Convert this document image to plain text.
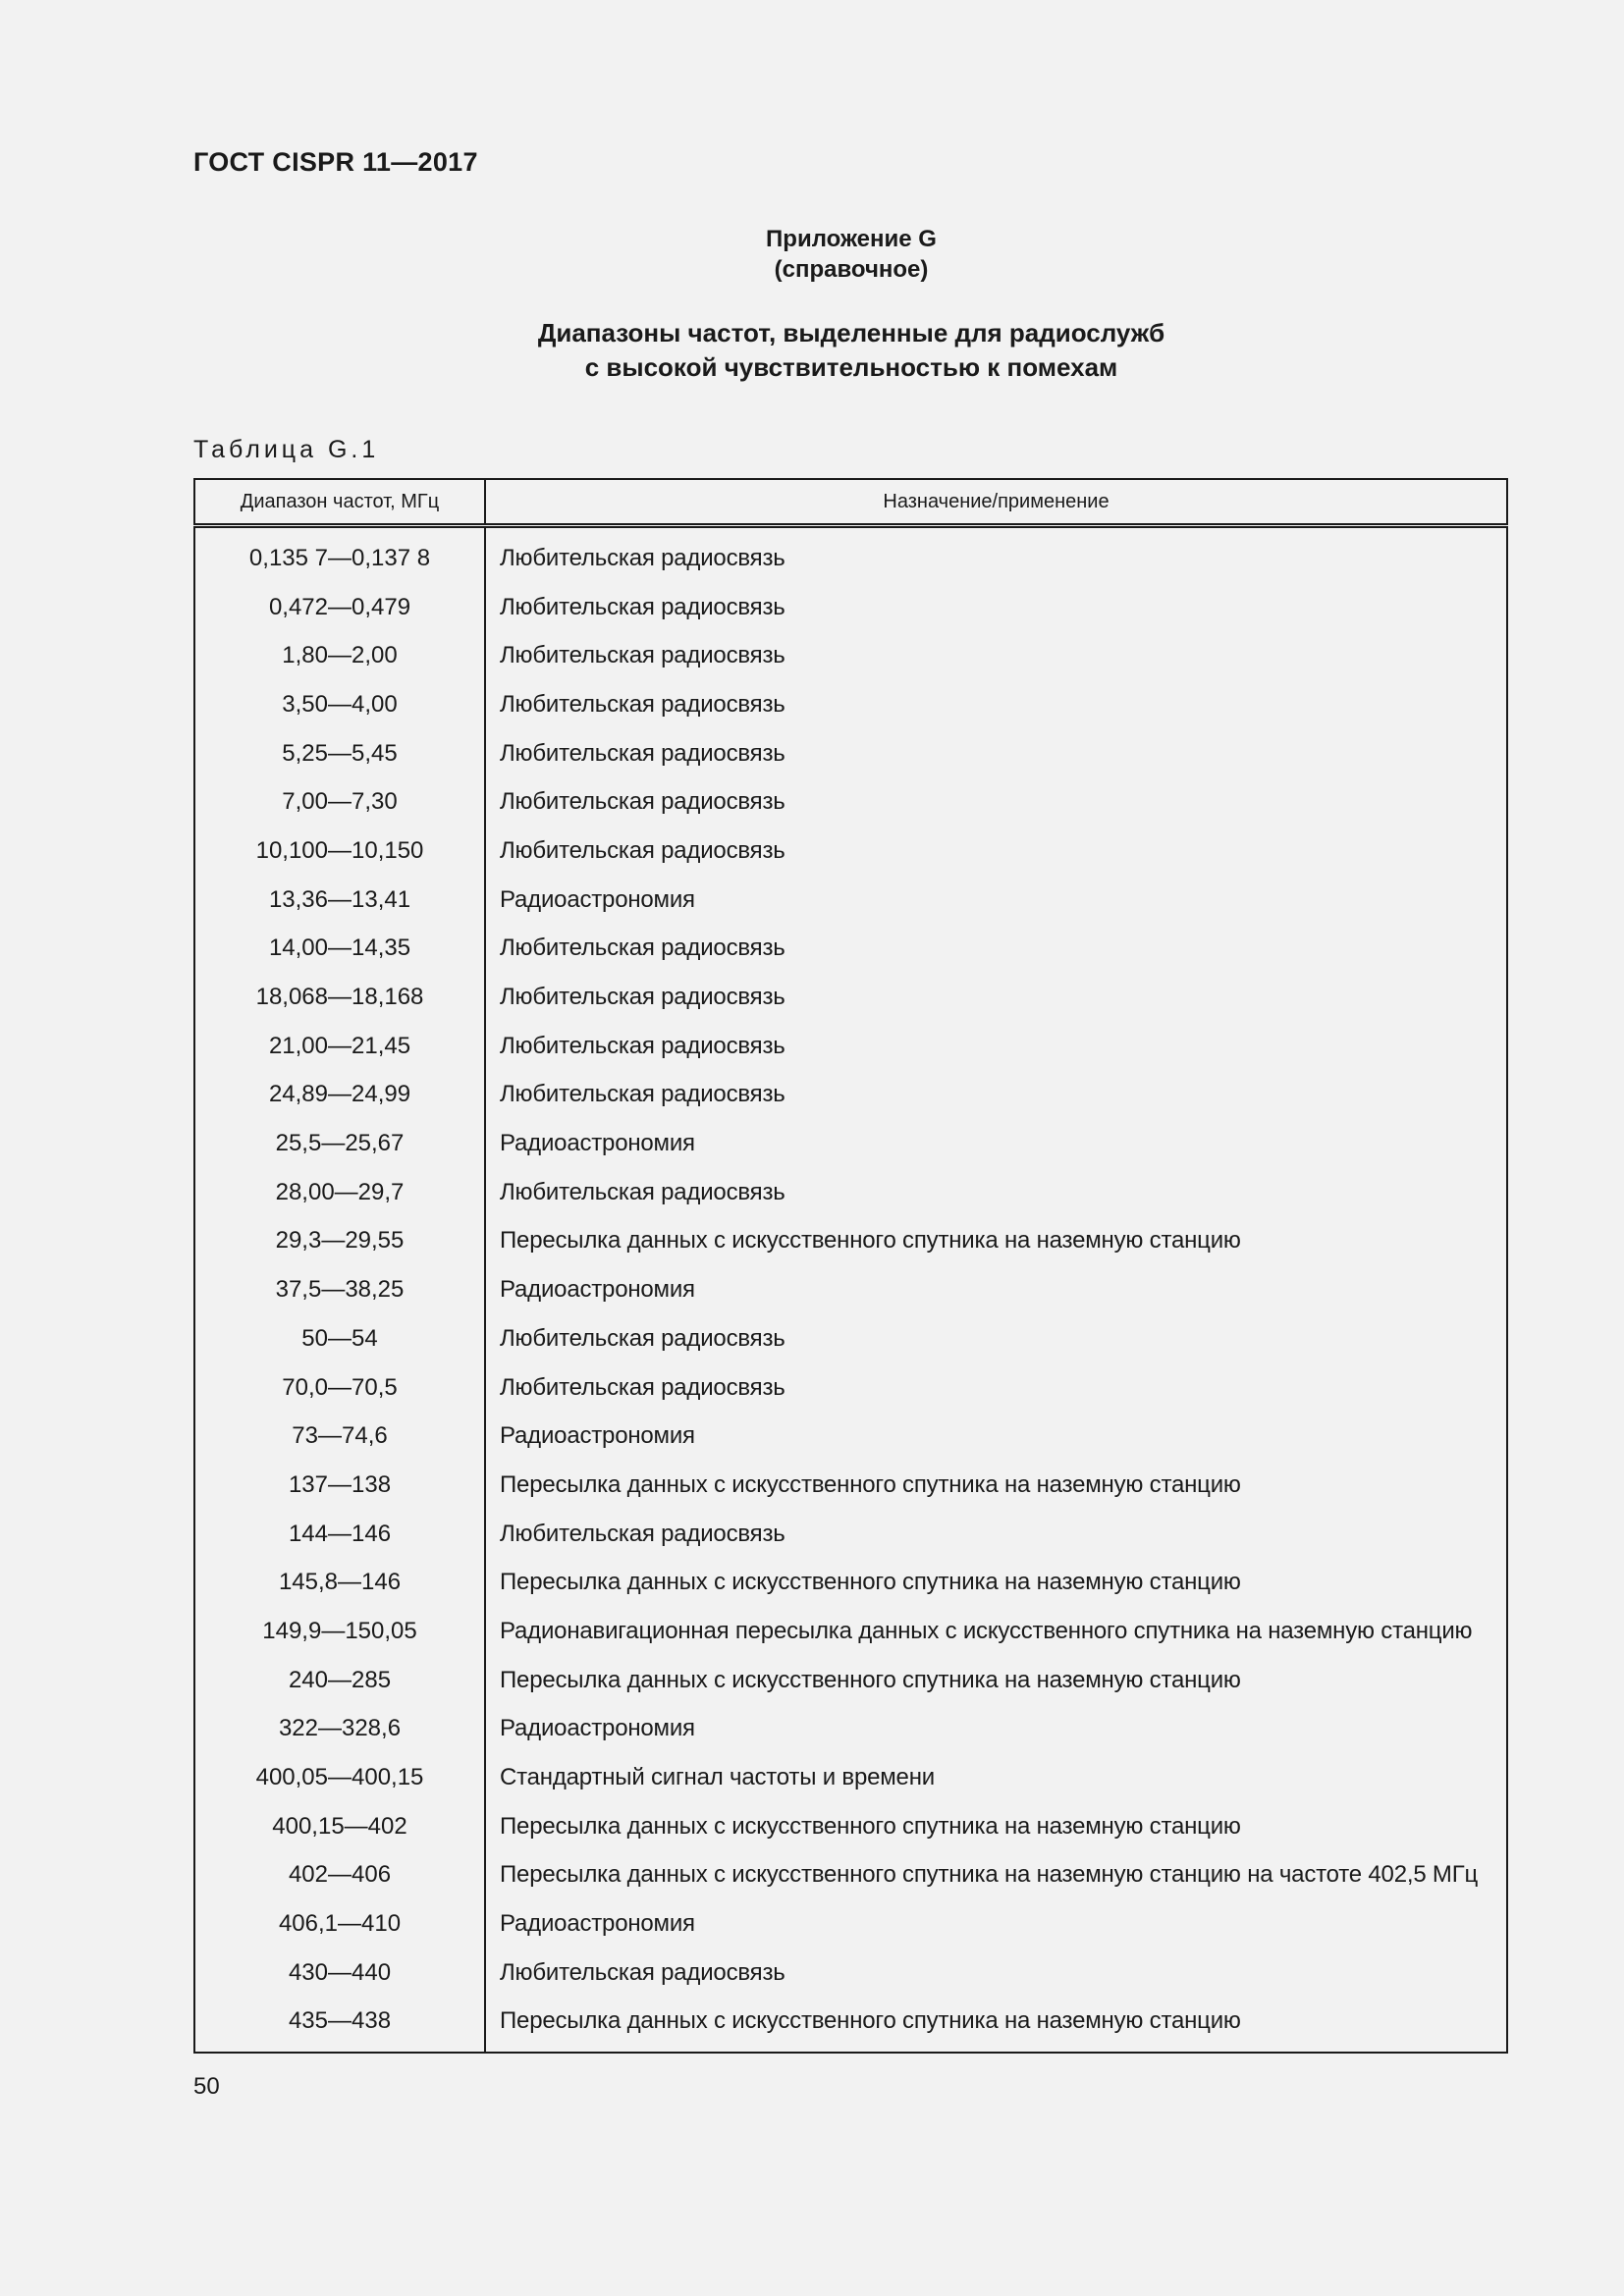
ГОСТ CISPR 11—2017
Приложение G
(справочное)
Диапазоны частот, выделенные для радиослужб
с высокой чувствительностью к помехам
Таблица G.1
Диапазон частот, МГц	Назначение/применение
0,135 7—0,137 8	Любительская радиосвязь
0,472—0,479	Любительская радиосвязь
1,80—2,00	Любительская радиосвязь
3,50—4,00	Любительская радиосвязь
5,25—5,45	Любительская радиосвязь
7,00—7,30	Любительская радиосвязь
10,100—10,150	Любительская радиосвязь
13,36—13,41	Радиоастрономия
14,00—14,35	Любительская радиосвязь
18,068—18,168	Любительская радиосвязь
21,00—21,45	Любительская радиосвязь
24,89—24,99	Любительская радиосвязь
25,5—25,67	Радиоастрономия
28,00—29,7	Любительская радиосвязь
29,3—29,55	Пересылка данных с искусственного спутника на наземную станцию
37,5—38,25	Радиоастрономия
50—54	Любительская радиосвязь
70,0—70,5	Любительская радиосвязь
73—74,6	Радиоастрономия
137—138	Пересылка данных с искусственного спутника на наземную станцию
144—146	Любительская радиосвязь
145,8—146	Пересылка данных с искусственного спутника на наземную станцию
149,9—150,05	Радионавигационная пересылка данных с искусственного спутника на наземную станцию
240—285	Пересылка данных с искусственного спутника на наземную станцию
322—328,6	Радиоастрономия
400,05—400,15	Стандартный сигнал частоты и времени
400,15—402	Пересылка данных с искусственного спутника на наземную станцию
402—406	Пересылка данных с искусственного спутника на наземную станцию на частоте 402,5 МГц
406,1—410	Радиоастрономия
430—440	Любительская радиосвязь
435—438	Пересылка данных с искусственного спутника на наземную станцию
50
